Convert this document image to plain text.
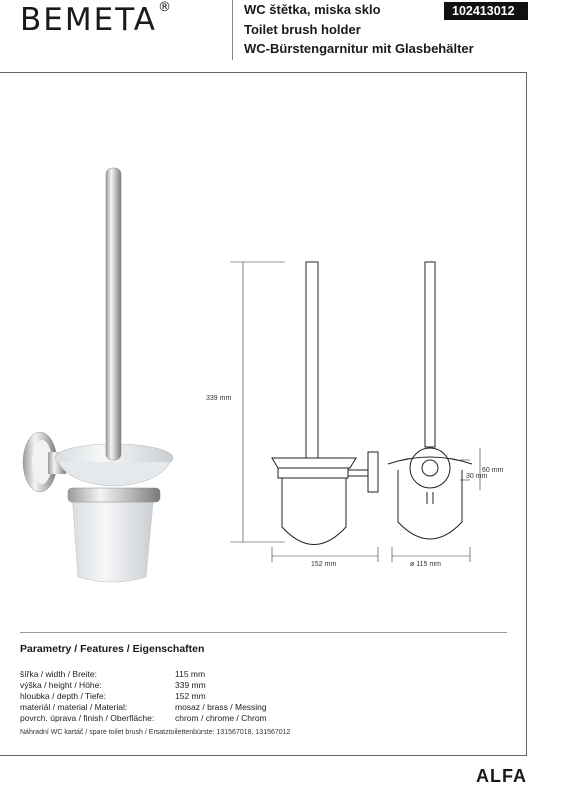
BEMETA®	WC štětka, miska sklo
Toilet brush holder
WC-Bürstengarnitur mit Glasbehälter
102413012
339 mm
152 mm	ø 115 mm
60 mm
30 mm
Parametry / Features / Eigenschaften
šířka / width / Breite:	115 mm
výška / height / Höhe:	339 mm
hloubka / depth / Tiefe:	152 mm
materiál / material / Material:	mosaz / brass / Messing
povrch. úprava / finish / Oberfläche:	chrom / chrome / Chrom
Náhradní WC kartáč / spare toilet brush / Ersatztoilettenbürste: 131567018, 131567012
ALFA
